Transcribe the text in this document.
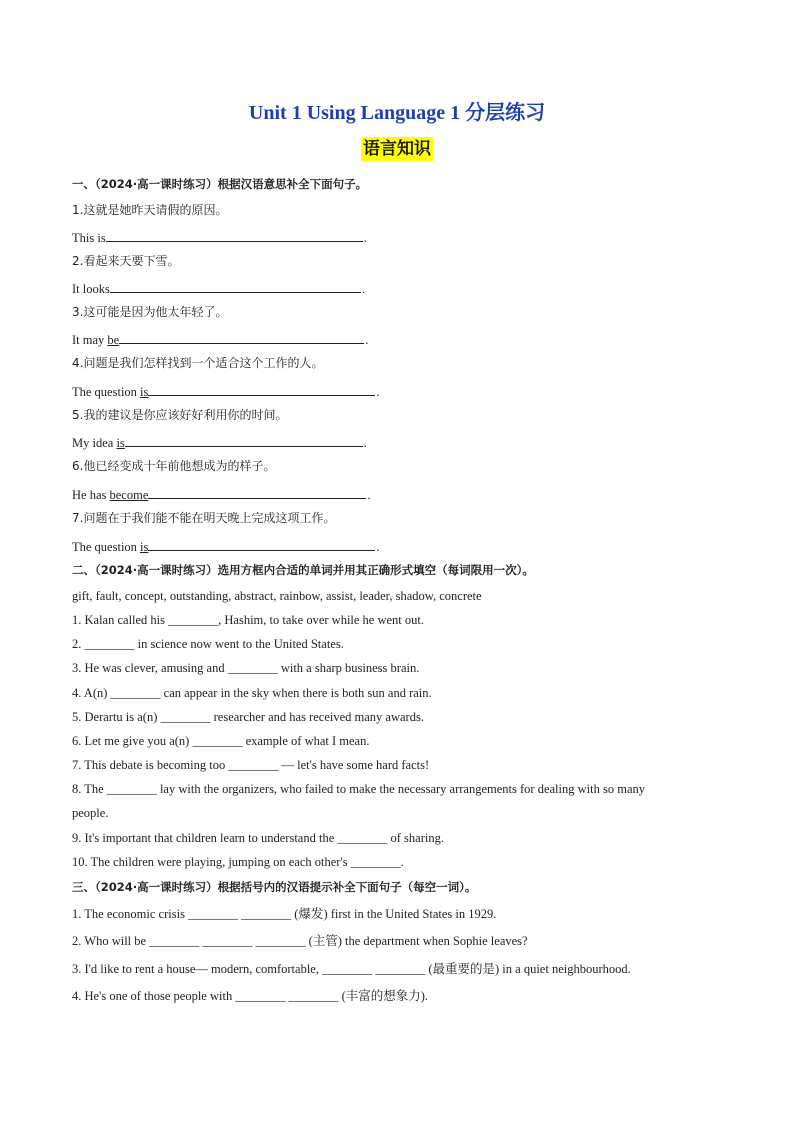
Unit 1 Using Language 1 分层练习
语言知识
一、（2024·高一课时练习）根据汉语意思补全下面句子。
1.这就是她昨天请假的原因。
This is	.
2.看起来天要下雪。
It looks	.
3.这可能是因为他太年轻了。
It may be	.
4.问题是我们怎样找到一个适合这个工作的人。
The question is	.
5.我的建议是你应该好好利用你的时间。
My idea is	.
6.他已经变成十年前他想成为的样子。
He has become	.
7.问题在于我们能不能在明天晚上完成这项工作。
The question is	.
二、（2024·高一课时练习）选用方框内合适的单词并用其正确形式填空（每词限用一次）。
gift, fault, concept, outstanding, abstract, rainbow, assist, leader, shadow, concrete
1. Kalan called his ________, Hashim, to take over while he went out.
2. ________ in science now went to the United States.
3. He was clever, amusing and ________ with a sharp business brain.
4. A(n) ________ can appear in the sky when there is both sun and rain.
5. Derartu is a(n) ________ researcher and has received many awards.
6. Let me give you a(n) ________ example of what I mean.
7. This debate is becoming too ________ — let's have some hard facts!
8. The ________ lay with the organizers, who failed to make the necessary arrangements for dealing with so many
people.
9. It's important that children learn to understand the ________ of sharing.
10. The children were playing, jumping on each other's ________.
三、（2024·高一课时练习）根据括号内的汉语提示补全下面句子（每空一词）。
1. The economic crisis ________ ________ (爆发) first in the United States in 1929.
2. Who will be ________ ________ ________ (主管) the department when Sophie leaves?
3. I'd like to rent a house— modern, comfortable, ________ ________ (最重要的是) in a quiet neighbourhood.
4. He's one of those people with ________ ________ (丰富的想象力).
